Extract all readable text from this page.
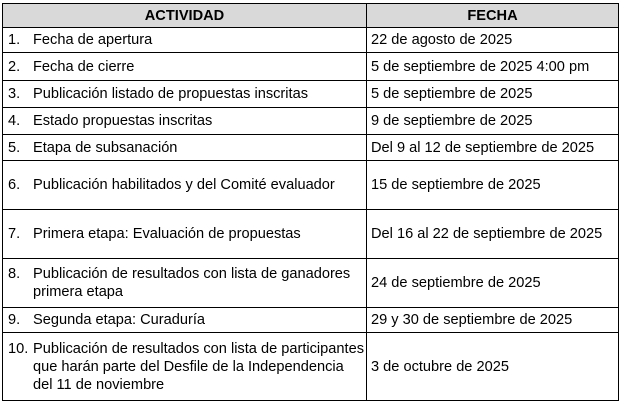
ACTIVIDAD	FECHA

1. Fecha de apertura	22 de agosto de 2025

2. Fecha de cierre	5 de septiembre de 2025 4:00 pm

3. Publicación listado de propuestas inscritas	5 de septiembre de 2025

4. Estado propuestas inscritas	9 de septiembre de 2025

5. Etapa de subsanación	Del 9 al 12 de septiembre de 2025

6. Publicación habilitados y del Comité evaluador	15 de septiembre de 2025

7. Primera etapa: Evaluación de propuestas	Del 16 al 22 de septiembre de 2025

8. Publicación de resultados con lista de ganadores primera etapa	24 de septiembre de 2025

9. Segunda etapa: Curaduría	29 y 30 de septiembre de 2025

10. Publicación de resultados con lista de participantes que harán parte del Desfile de la Independencia del 11 de noviembre	3 de octubre de 2025
